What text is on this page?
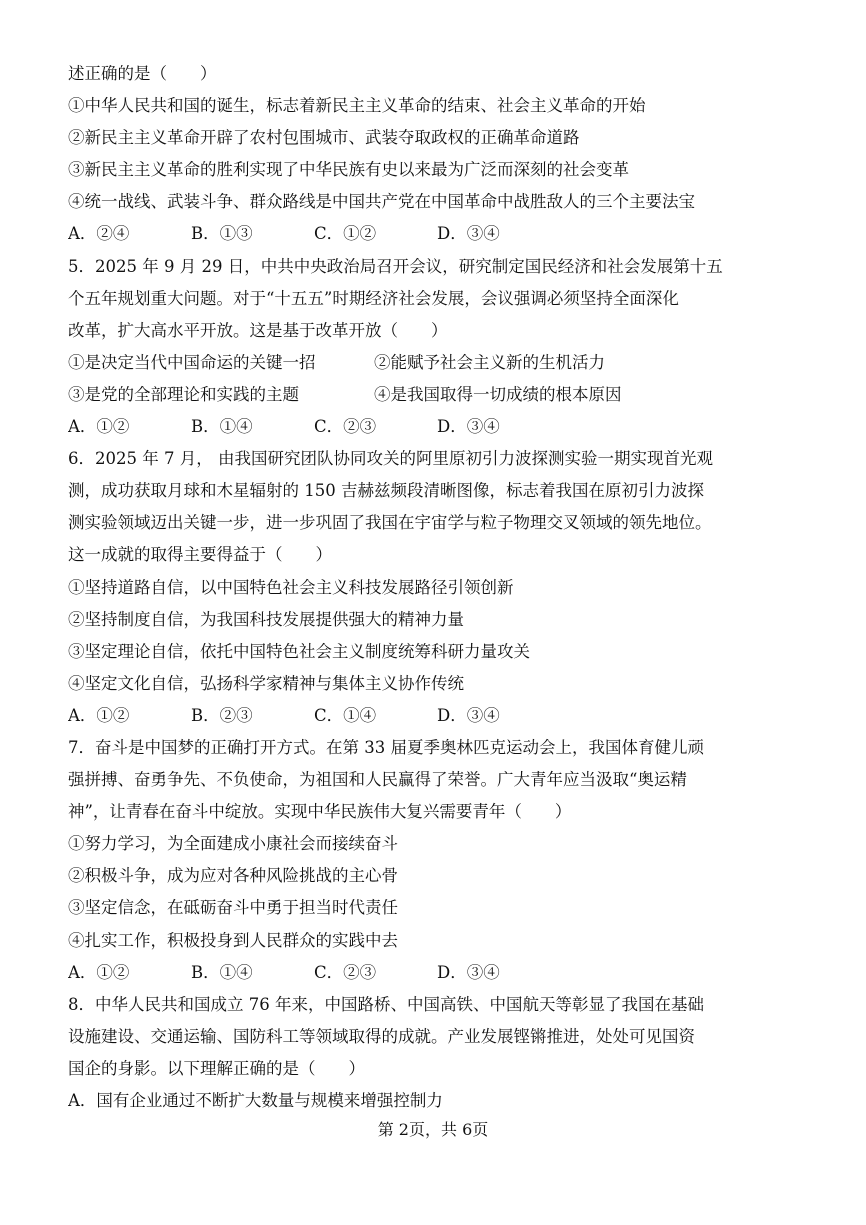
述正确的是（　　）
①中华人民共和国的诞生，标志着新民主主义革命的结束、社会主义革命的开始
②新民主主义革命开辟了农村包围城市、武装夺取政权的正确革命道路
③新民主主义革命的胜利实现了中华民族有史以来最为广泛而深刻的社会变革
④统一战线、武装斗争、群众路线是中国共产党在中国革命中战胜敌人的三个主要法宝
A．②④	B．①③	C．①②	D．③④
5．2025 年 9 月 29 日，中共中央政治局召开会议，研究制定国民经济和社会发展第十五
个五年规划重大问题。对于“十五五”时期经济社会发展，会议强调必须坚持全面深化
改革，扩大高水平开放。这是基于改革开放（　　）
①是决定当代中国命运的关键一招	②能赋予社会主义新的生机活力
③是党的全部理论和实践的主题	④是我国取得一切成绩的根本原因
A．①②	B．①④	C．②③	D．③④
6．2025 年 7 月， 由我国研究团队协同攻关的阿里原初引力波探测实验一期实现首光观
测，成功获取月球和木星辐射的 150 吉赫兹频段清晰图像，标志着我国在原初引力波探
测实验领域迈出关键一步，进一步巩固了我国在宇宙学与粒子物理交叉领域的领先地位。
这一成就的取得主要得益于（　　）
①坚持道路自信，以中国特色社会主义科技发展路径引领创新
②坚持制度自信，为我国科技发展提供强大的精神力量
③坚定理论自信，依托中国特色社会主义制度统筹科研力量攻关
④坚定文化自信，弘扬科学家精神与集体主义协作传统
A．①②	B．②③	C．①④	D．③④
7．奋斗是中国梦的正确打开方式。在第 33 届夏季奥林匹克运动会上，我国体育健儿顽
强拼搏、奋勇争先、不负使命，为祖国和人民赢得了荣誉。广大青年应当汲取“奥运精
神”，让青春在奋斗中绽放。实现中华民族伟大复兴需要青年（　　）
①努力学习，为全面建成小康社会而接续奋斗
②积极斗争，成为应对各种风险挑战的主心骨
③坚定信念，在砥砺奋斗中勇于担当时代责任
④扎实工作，积极投身到人民群众的实践中去
A．①②	B．①④	C．②③	D．③④
8．中华人民共和国成立 76 年来，中国路桥、中国高铁、中国航天等彰显了我国在基础
设施建设、交通运输、国防科工等领域取得的成就。产业发展铿锵推进，处处可见国资
国企的身影。以下理解正确的是（　　）
A．国有企业通过不断扩大数量与规模来增强控制力
第 2页，共 6页
